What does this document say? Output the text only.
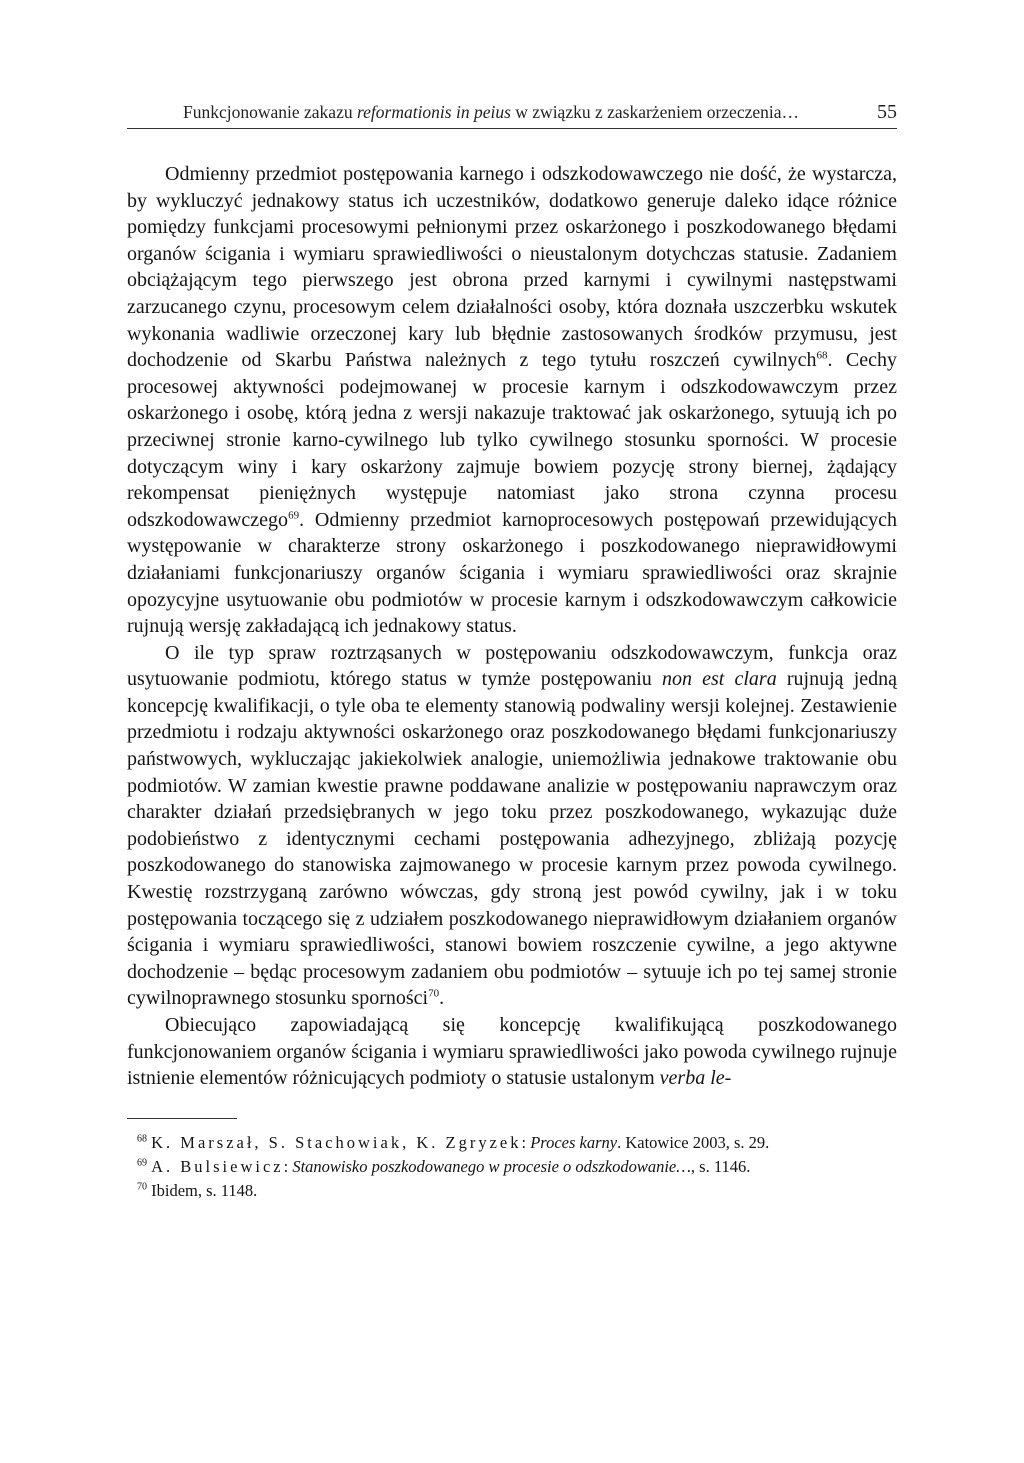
Funkcjonowanie zakazu reformationis in peius w związku z zaskarżeniem orzeczenia…	55

Odmienny przedmiot postępowania karnego i odszkodowawczego nie dość, że wystarcza, by wykluczyć jednakowy status ich uczestników, dodatkowo generuje daleko idące różnice pomiędzy funkcjami procesowymi pełnionymi przez oskarżonego i poszkodowanego błędami organów ścigania i wymiaru sprawiedliwości o nieustalonym dotychczas statusie. Zadaniem obciążającym tego pierwszego jest obrona przed karnymi i cywilnymi następstwami zarzucanego czynu, procesowym celem działalności osoby, która doznała uszczerbku wskutek wykonania wadliwie orzeczonej kary lub błędnie zastosowanych środków przymusu, jest dochodzenie od Skarbu Państwa należnych z tego tytułu roszczeń cywilnych$^{68}$. Cechy procesowej aktywności podejmowanej w procesie karnym i odszkodowawczym przez oskarżonego i osobę, którą jedna z wersji nakazuje traktować jak oskarżonego, sytuują ich po przeciwnej stronie karno-cywilnego lub tylko cywilnego stosunku sporności. W procesie dotyczącym winy i kary oskarżony zajmuje bowiem pozycję strony biernej, żądający rekompensat pieniężnych występuje natomiast jako strona czynna procesu odszkodowawczego$^{69}$. Odmienny przedmiot karnoprocesowych postępowań przewidujących występowanie w charakterze strony oskarżonego i poszkodowanego nieprawidłowymi działaniami funkcjonariuszy organów ścigania i wymiaru sprawiedliwości oraz skrajnie opozycyjne usytuowanie obu podmiotów w procesie karnym i odszkodowawczym całkowicie rujnują wersję zakładającą ich jednakowy status.

O ile typ spraw roztrząsanych w postępowaniu odszkodowawczym, funkcja oraz usytuowanie podmiotu, którego status w tymże postępowaniu non est clara rujnują jedną koncepcję kwalifikacji, o tyle oba te elementy stanowią podwaliny wersji kolejnej. Zestawienie przedmiotu i rodzaju aktywności oskarżonego oraz poszkodowanego błędami funkcjonariuszy państwowych, wykluczając jakiekolwiek analogie, uniemożliwia jednakowe traktowanie obu podmiotów. W zamian kwestie prawne poddawane analizie w postępowaniu naprawczym oraz charakter działań przedsiębranych w jego toku przez poszkodowanego, wykazując duże podobieństwo z identycznymi cechami postępowania adhezyjnego, zbliżają pozycję poszkodowanego do stanowiska zajmowanego w procesie karnym przez powoda cywilnego. Kwestię rozstrzyganą zarówno wówczas, gdy stroną jest powód cywilny, jak i w toku postępowania toczącego się z udziałem poszkodowanego nieprawidłowym działaniem organów ścigania i wymiaru sprawiedliwości, stanowi bowiem roszczenie cywilne, a jego aktywne dochodzenie – będąc procesowym zadaniem obu podmiotów – sytuuje ich po tej samej stronie cywilnoprawnego stosunku sporności$^{70}$.

Obiecująco zapowiadającą się koncepcję kwalifikującą poszkodowanego funkcjonowaniem organów ścigania i wymiaru sprawiedliwości jako powoda cywilnego rujnuje istnienie elementów różnicujących podmioty o statusie ustalonym verba le-

$^{68}$ K. Marszał, S. Stachowiak, K. Zgryzek: Proces karny. Katowice 2003, s. 29.
$^{69}$ A. Bulsiewicz: Stanowisko poszkodowanego w procesie o odszkodowanie…, s. 1146.
$^{70}$ Ibidem, s. 1148.
